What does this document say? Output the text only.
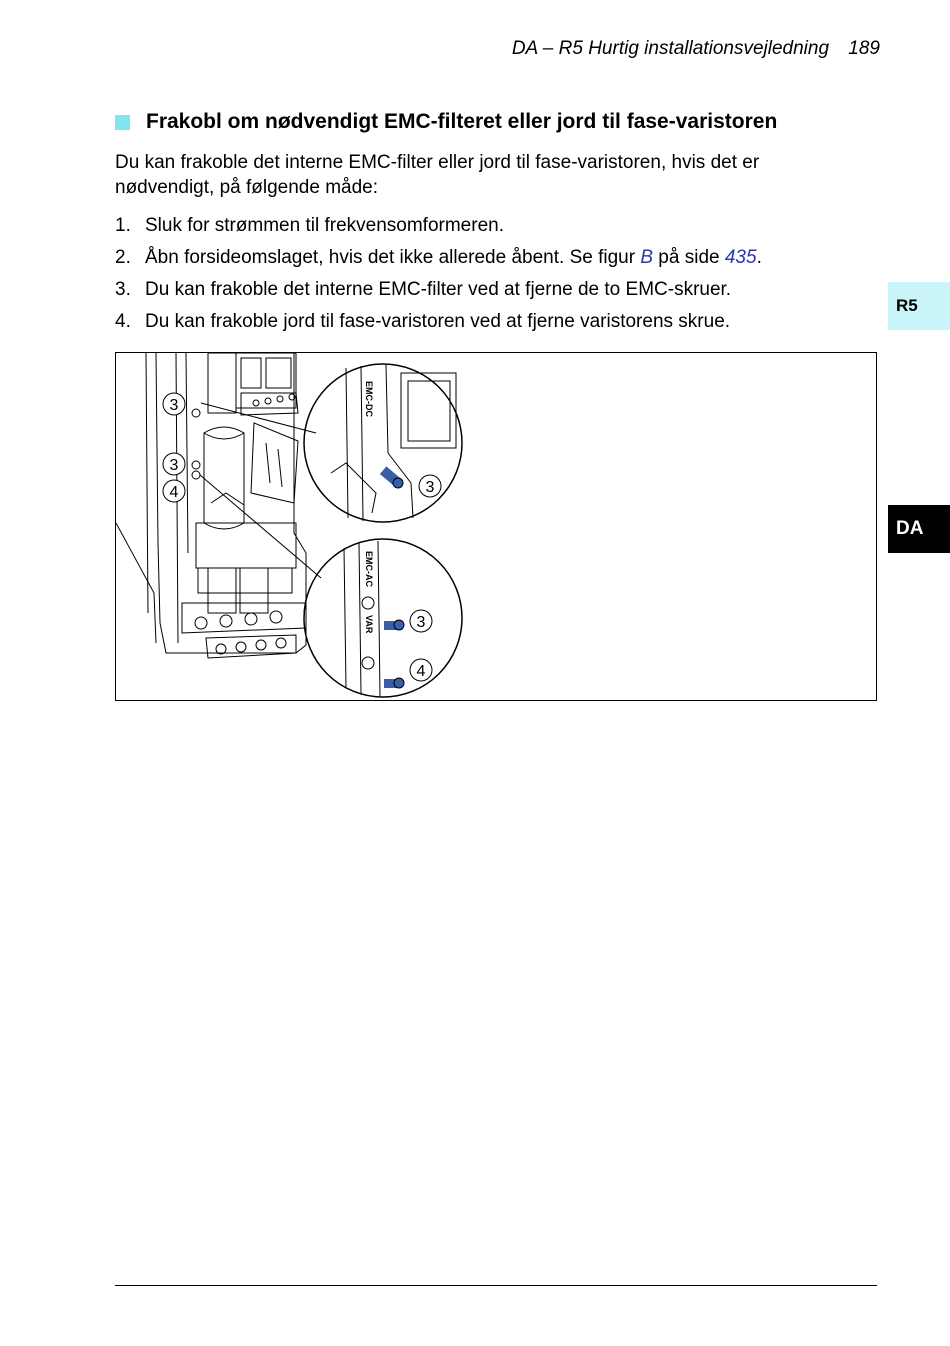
DA – R5 Hurtig installationsvejledning 189
Frakobl om nødvendigt EMC-filteret eller jord til fase-varistoren
Du kan frakoble det interne EMC-filter eller jord til fase-varistoren, hvis det er nødvendigt, på følgende måde:
1. Sluk for strømmen til frekvensomformeren.
2. Åbn forsideomslaget, hvis det ikke allerede åbent. Se figur B på side 435.
3. Du kan frakoble det interne EMC-filter ved at fjerne de to EMC-skruer.
4. Du kan frakoble jord til fase-varistoren ved at fjerne varistorens skrue.
R5
DA
EMC-DC
EMC-AC
VAR
3
3
4	3
3
4
